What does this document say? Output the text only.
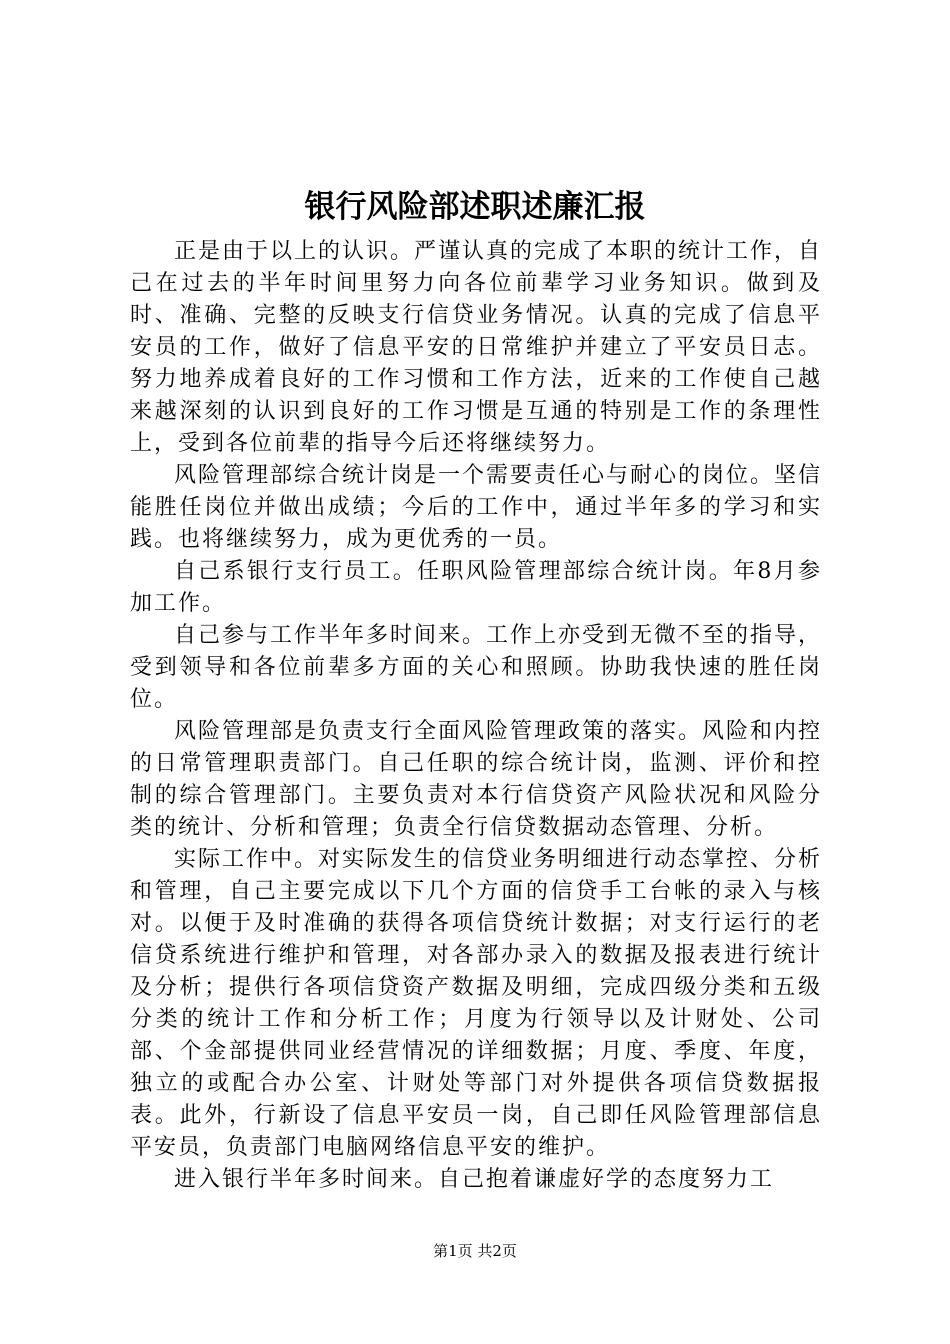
银行风险部述职述廉汇报

正是由于以上的认识。严谨认真的完成了本职的统计工作，自己在过去的半年时间里努力向各位前辈学习业务知识。做到及时、准确、完整的反映支行信贷业务情况。认真的完成了信息平安员的工作，做好了信息平安的日常维护并建立了平安员日志。努力地养成着良好的工作习惯和工作方法，近来的工作使自己越来越深刻的认识到良好的工作习惯是互通的特别是工作的条理性上，受到各位前辈的指导今后还将继续努力。

风险管理部综合统计岗是一个需要责任心与耐心的岗位。坚信能胜任岗位并做出成绩；今后的工作中，通过半年多的学习和实践。也将继续努力，成为更优秀的一员。

自己系银行支行员工。任职风险管理部综合统计岗。年8月参加工作。

自己参与工作半年多时间来。工作上亦受到无微不至的指导，受到领导和各位前辈多方面的关心和照顾。协助我快速的胜任岗位。

风险管理部是负责支行全面风险管理政策的落实。风险和内控的日常管理职责部门。自己任职的综合统计岗，监测、评价和控制的综合管理部门。主要负责对本行信贷资产风险状况和风险分类的统计、分析和管理；负责全行信贷数据动态管理、分析。

实际工作中。对实际发生的信贷业务明细进行动态掌控、分析和管理，自己主要完成以下几个方面的信贷手工台帐的录入与核对。以便于及时准确的获得各项信贷统计数据；对支行运行的老信贷系统进行维护和管理，对各部办录入的数据及报表进行统计及分析；提供行各项信贷资产数据及明细，完成四级分类和五级分类的统计工作和分析工作；月度为行领导以及计财处、公司部、个金部提供同业经营情况的详细数据；月度、季度、年度，独立的或配合办公室、计财处等部门对外提供各项信贷数据报表。此外，行新设了信息平安员一岗，自己即任风险管理部信息平安员，负责部门电脑网络信息平安的维护。

进入银行半年多时间来。自己抱着谦虚好学的态度努力工

第1页 共2页
